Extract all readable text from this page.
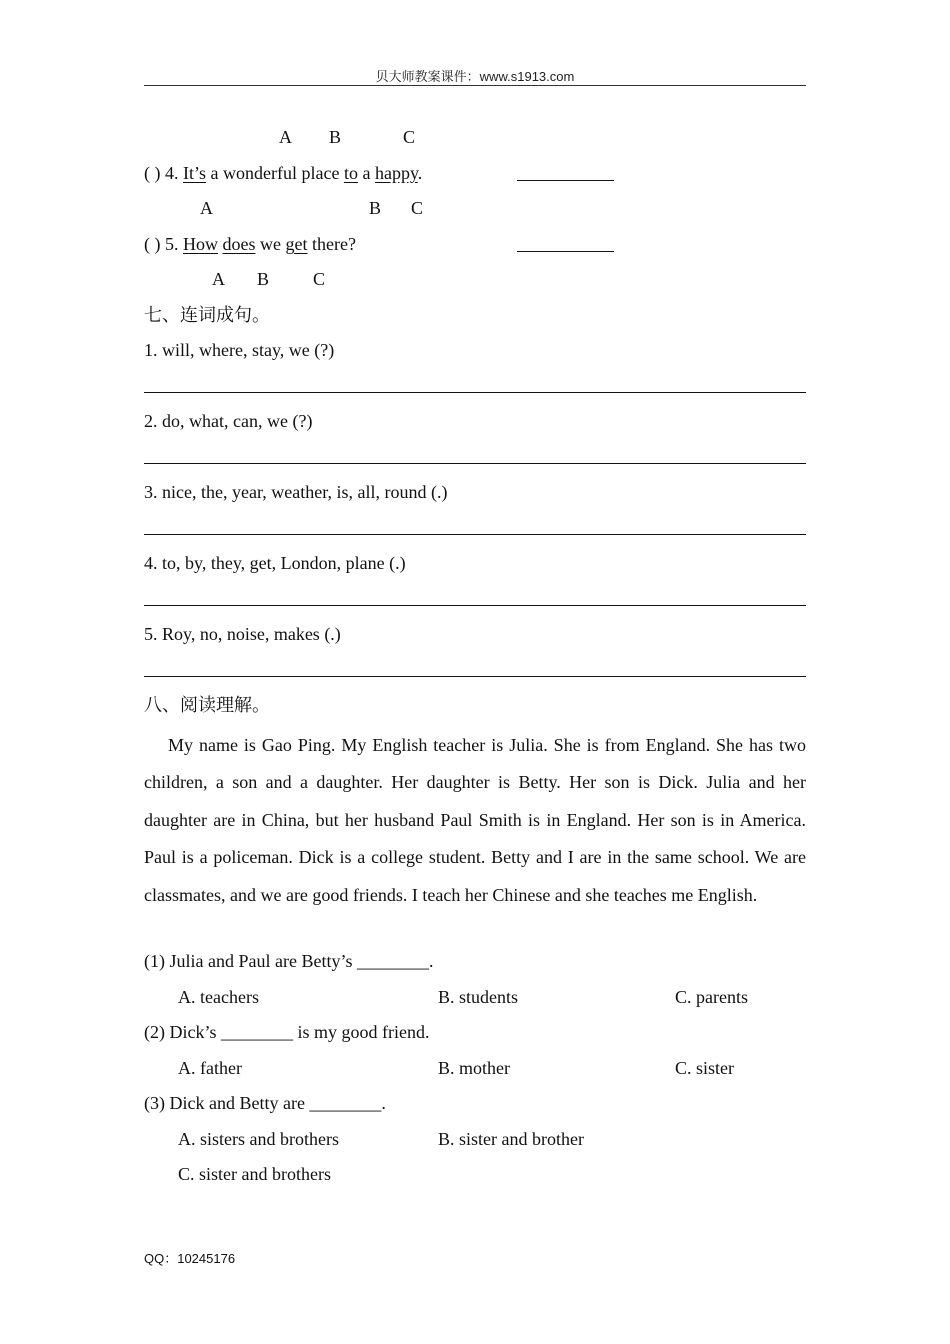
贝大师教案课件：www.s1913.com
A B	C
( ) 4. It’s a wonderful place to a happy.
A	B C
( ) 5. How does we get there?
A B C
七、连词成句。
1. will, where, stay, we (?)
2. do, what, can, we (?)
3. nice, the, year, weather, is, all, round (.)
4. to, by, they, get, London, plane (.)
5. Roy, no, noise, makes (.)
八、阅读理解。
My name is Gao Ping. My English teacher is Julia. She is from England. She has two children, a son and a daughter. Her daughter is Betty. Her son is Dick. Julia and her daughter are in China, but her husband Paul Smith is in England. Her son is in America. Paul is a policeman. Dick is a college student. Betty and I are in the same school. We are classmates, and we are good friends. I teach her Chinese and she teaches me English.
(1) Julia and Paul are Betty’s ________.
A. teachers	B. students	C. parents
(2) Dick’s ________ is my good friend.
A. father	B. mother	C. sister
(3) Dick and Betty are ________.
A. sisters and brothers	B. sister and brother
C. sister and brothers
QQ：10245176
